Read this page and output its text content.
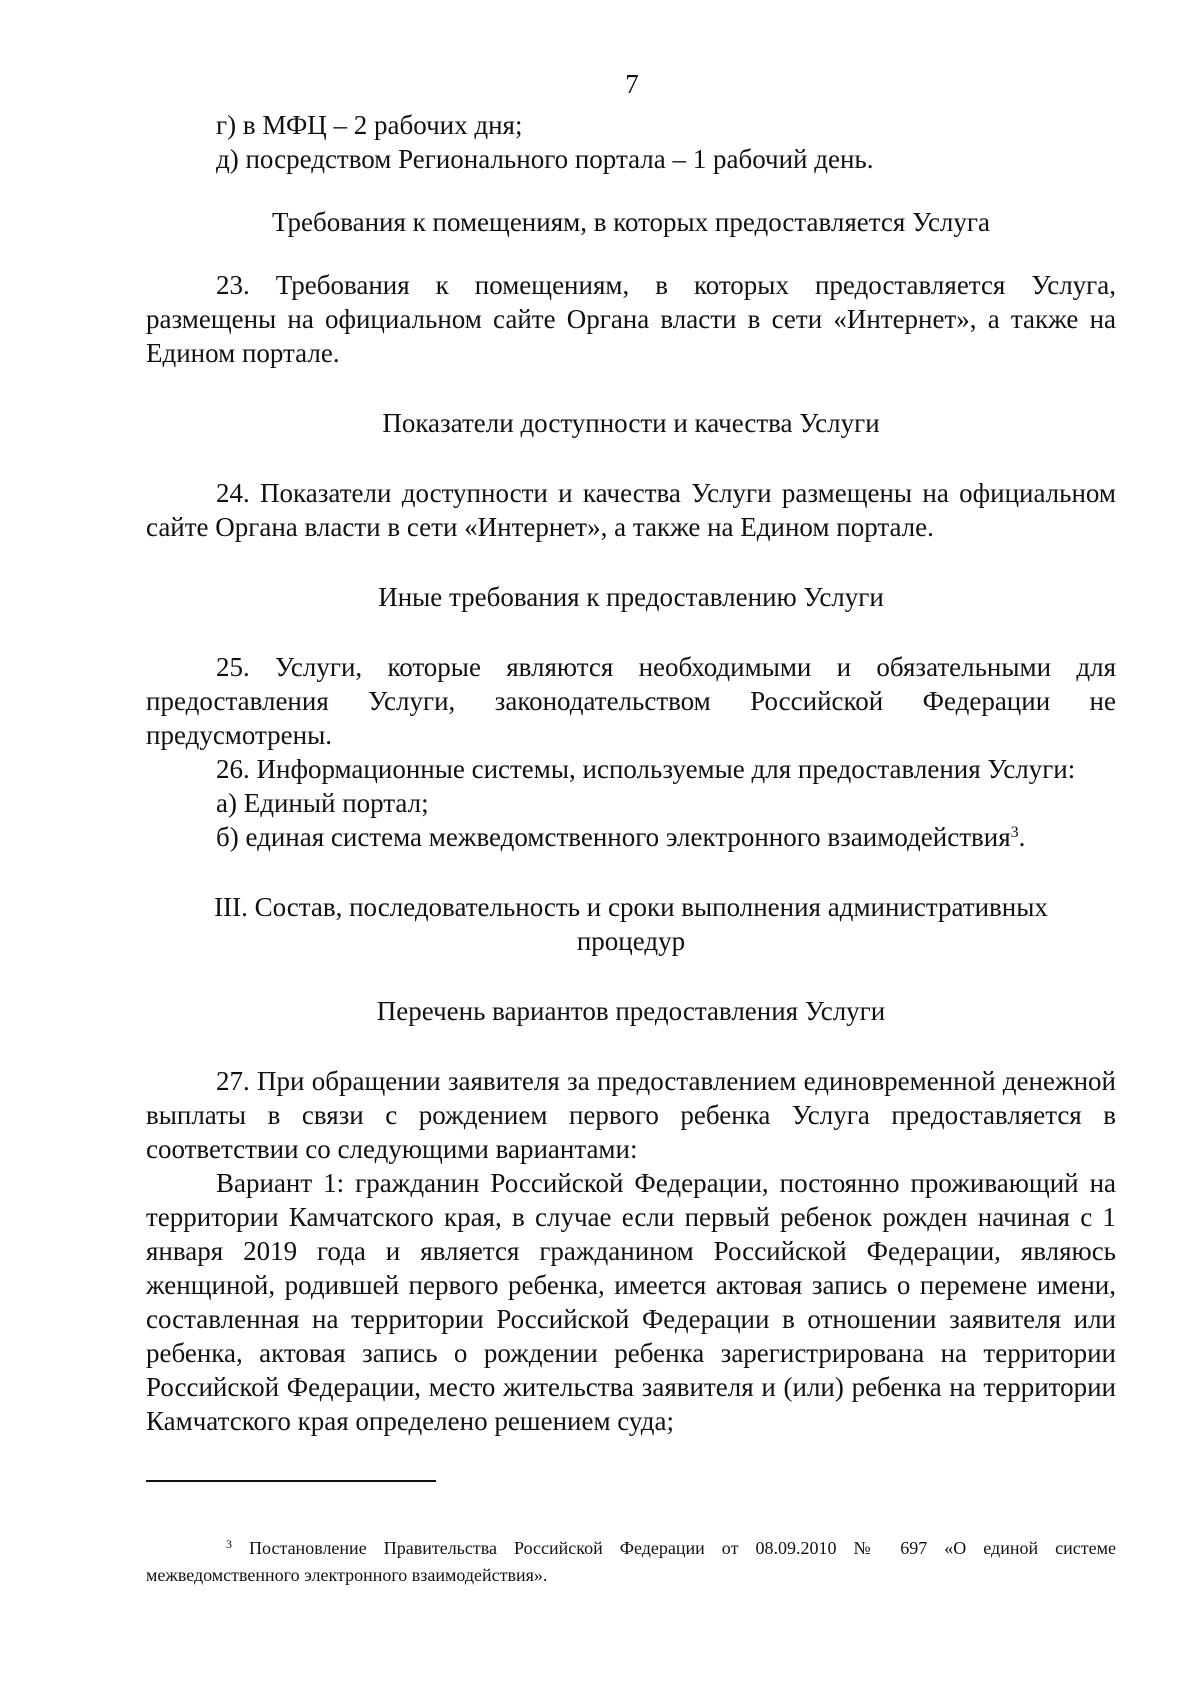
7

г) в МФЦ – 2 рабочих дня;

д) посредством Регионального портала – 1 рабочий день.

Требования к помещениям, в которых предоставляется Услуга

23. Требования к помещениям, в которых предоставляется Услуга, размещены на официальном сайте Органа власти в сети «Интернет», а также на Едином портале.

Показатели доступности и качества Услуги

24. Показатели доступности и качества Услуги размещены на официальном сайте Органа власти в сети «Интернет», а также на Едином портале.

Иные требования к предоставлению Услуги

25. Услуги, которые являются необходимыми и обязательными для предоставления Услуги, законодательством Российской Федерации не предусмотрены.

26. Информационные системы, используемые для предоставления Услуги:

а) Единый портал;

б) единая система межведомственного электронного взаимодействия$^3$.

III. Состав, последовательность и сроки выполнения административных

процедур

Перечень вариантов предоставления Услуги

27. При обращении заявителя за предоставлением единовременной денежной выплаты в связи с рождением первого ребенка Услуга предоставляется в соответствии со следующими вариантами:

Вариант 1: гражданин Российской Федерации, постоянно проживающий на территории Камчатского края, в случае если первый ребенок рожден начиная с 1 января 2019 года и является гражданином Российской Федерации, являюсь женщиной, родившей первого ребенка, имеется актовая запись о перемене имени, составленная на территории Российской Федерации в отношении заявителя или ребенка, актовая запись о рождении ребенка зарегистрирована на территории Российской Федерации, место жительства заявителя и (или) ребенка на территории Камчатского края определено решением суда;

$^3$ Постановление Правительства Российской Федерации от 08.09.2010 № 697 «О единой системе межведомственного электронного взаимодействия».
